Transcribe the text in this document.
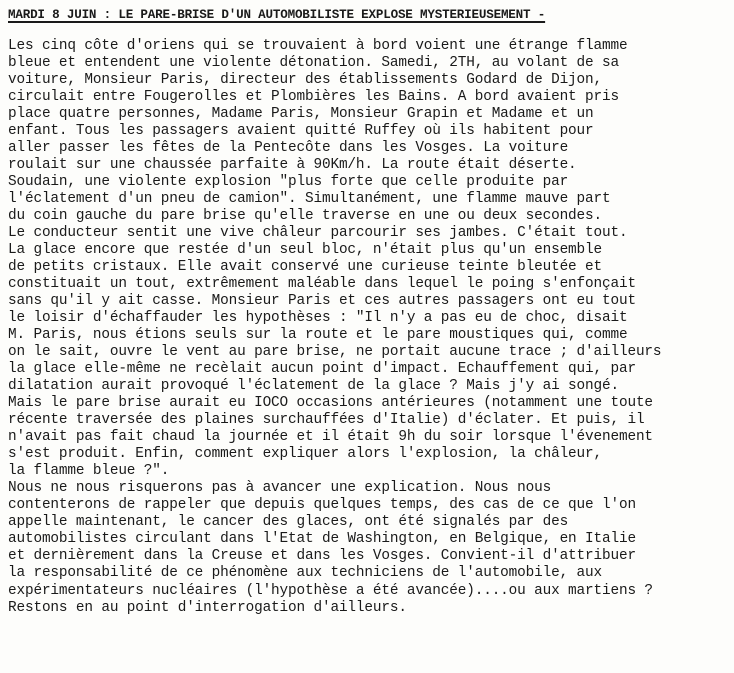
MARDI 8 JUIN : LE PARE-BRISE D'UN AUTOMOBILISTE EXPLOSE MYSTERIEUSEMENT -
Les cinq côte d'oriens qui se trouvaient à bord voient une étrange flamme
bleue et entendent une violente détonation. Samedi, 2TH, au volant de sa
voiture, Monsieur Paris, directeur des établissements Godard de Dijon,
circulait entre Fougerolles et Plombières les Bains. A bord avaient pris
place quatre personnes, Madame Paris, Monsieur Grapin et Madame et un
enfant. Tous les passagers avaient quitté Ruffey où ils habitent pour
aller passer les fêtes de la Pentecôte dans les Vosges. La voiture
roulait sur une chaussée parfaite à 90Km/h. La route était déserte.
Soudain, une violente explosion "plus forte que celle produite par
l'éclatement d'un pneu de camion". Simultanément, une flamme mauve part
du coin gauche du pare brise qu'elle traverse en une ou deux secondes.
Le conducteur sentit une vive châleur parcourir ses jambes. C'était tout.
La glace encore que restée d'un seul bloc, n'était plus qu'un ensemble
de petits cristaux. Elle avait conservé une curieuse teinte bleutée et
constituait un tout, extrêmement maléable dans lequel le poing s'enfonçait
sans qu'il y ait casse. Monsieur Paris et ces autres passagers ont eu tout
le loisir d'échaffauder les hypothèses : "Il n'y a pas eu de choc, disait
M. Paris, nous étions seuls sur la route et le pare moustiques qui, comme
on le sait, ouvre le vent au pare brise, ne portait aucune trace ; d'ailleurs
la glace elle-même ne recèlait aucun point d'impact. Echauffement qui, par
dilatation aurait provoqué l'éclatement de la glace ? Mais j'y ai songé.
Mais le pare brise aurait eu IOCO occasions antérieures (notamment une toute
récente traversée des plaines surchauffées d'Italie) d'éclater. Et puis, il
n'avait pas fait chaud la journée et il était 9h du soir lorsque l'évenement
s'est produit. Enfin, comment expliquer alors l'explosion, la châleur,
la flamme bleue ?".
Nous ne nous risquerons pas à avancer une explication. Nous nous
contenterons de rappeler que depuis quelques temps, des cas de ce que l'on
appelle maintenant, le cancer des glaces, ont été signalés par des
automobilistes circulant dans l'Etat de Washington, en Belgique, en Italie
et dernièrement dans la Creuse et dans les Vosges. Convient-il d'attribuer
la responsabilité de ce phénomène aux techniciens de l'automobile, aux
expérimentateurs nucléaires (l'hypothèse a été avancée)....ou aux martiens ?
Restons en au point d'interrogation d'ailleurs.
